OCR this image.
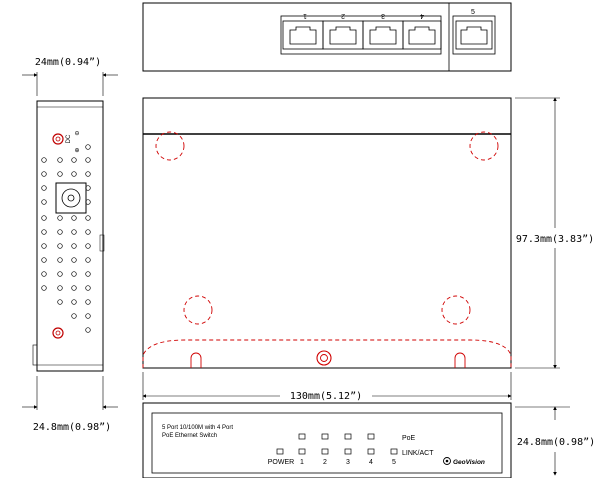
1	2	3	4	5
24mm(0.94”)
⊖
DC
⊕
24.8mm(0.98”)
97.3mm(3.83”)
130mm(5.12”)
5 Port 10/100M with 4 Port
PoE Ethernet Switch	PoE
LINK/ACT
POWER 1	2	3	4	5	GeoVision
24.8mm(0.98”)
